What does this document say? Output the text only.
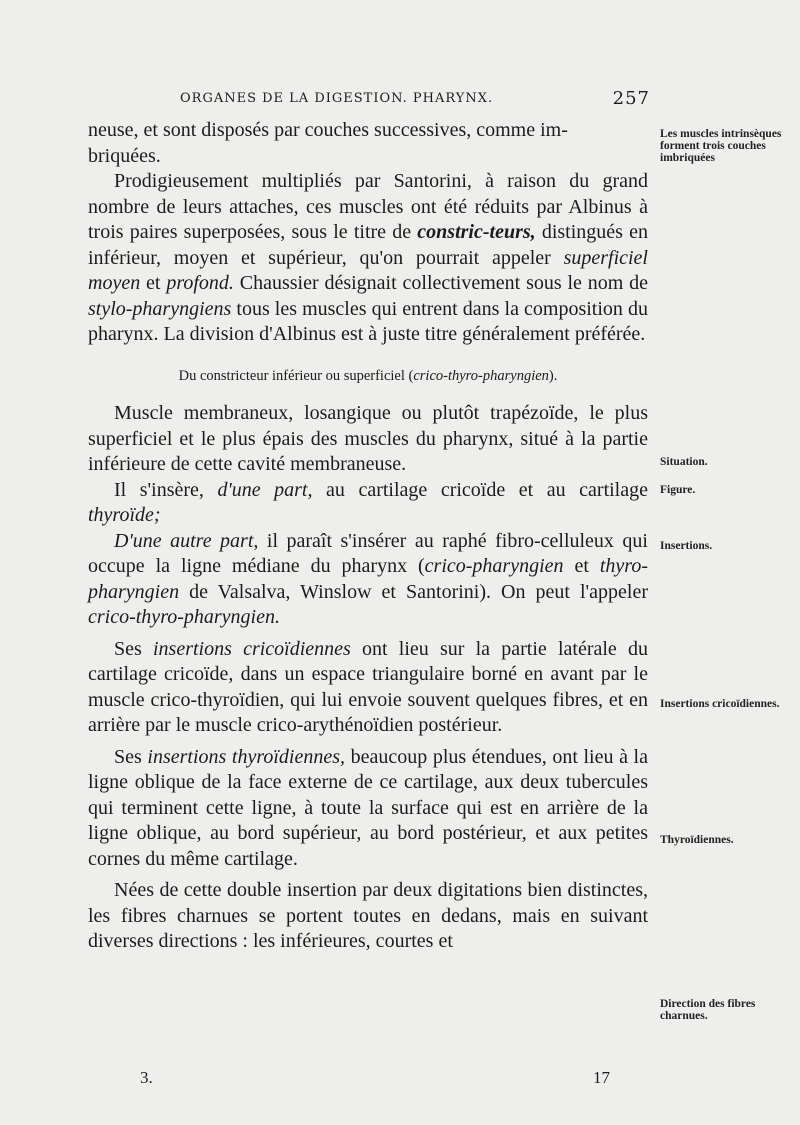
ORGANES DE LA DIGESTION. PHARYNX.	257

neuse, et sont disposés par couches successives, comme im-
briquées.

Prodigieusement multipliés par Santorini, à raison du grand nombre de leurs attaches, ces muscles ont été réduits par Albinus à trois paires superposées, sous le titre de constric-teurs, distingués en inférieur, moyen et supérieur, qu'on pourrait appeler superficiel moyen et profond. Chaussier désignait collectivement sous le nom de stylo-pharyngiens tous les muscles qui entrent dans la composition du pharynx. La division d'Albinus est à juste titre généralement préférée.

Du constricteur inférieur ou superficiel (crico-thyro-pharyngien).

Muscle membraneux, losangique ou plutôt trapézoïde, le plus superficiel et le plus épais des muscles du pharynx, situé à la partie inférieure de cette cavité membraneuse.

Il s'insère, d'une part, au cartilage cricoïde et au cartilage thyroïde;

D'une autre part, il paraît s'insérer au raphé fibro-celluleux qui occupe la ligne médiane du pharynx (crico-pharyngien et thyro-pharyngien de Valsalva, Winslow et Santorini). On peut l'appeler crico-thyro-pharyngien.

Ses insertions cricoïdiennes ont lieu sur la partie latérale du cartilage cricoïde, dans un espace triangulaire borné en avant par le muscle crico-thyroïdien, qui lui envoie souvent quelques fibres, et en arrière par le muscle crico-arythénoïdien postérieur.

Ses insertions thyroïdiennes, beaucoup plus étendues, ont lieu à la ligne oblique de la face externe de ce cartilage, aux deux tubercules qui terminent cette ligne, à toute la surface qui est en arrière de la ligne oblique, au bord supérieur, au bord postérieur, et aux petites cornes du même cartilage.

Nées de cette double insertion par deux digitations bien distinctes, les fibres charnues se portent toutes en dedans, mais en suivant diverses directions : les inférieures, courtes et

Les muscles intrinsèques forment trois couches imbriquées
Situation.
Figure.
Insertions.
Insertions cricoïdiennes.
Thyroïdiennes.
Direction des fibres charnues.
3.	17
